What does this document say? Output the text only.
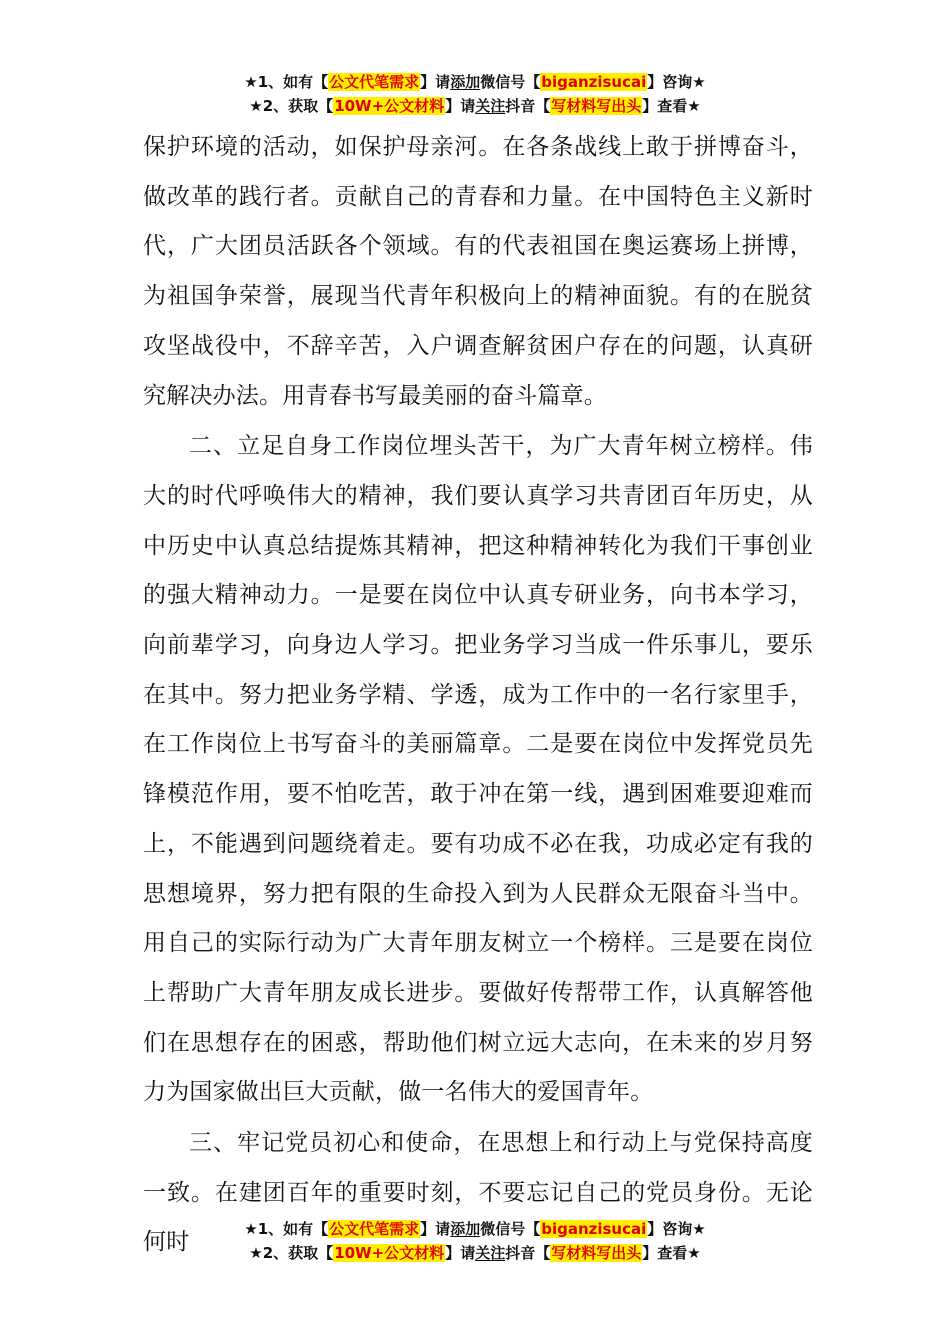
★1、如有【公文代笔需求】请添加微信号【biganzisucai】咨询★
★2、获取【10W+公文材料】请关注抖音【写材料写出头】查看★

保护环境的活动，如保护母亲河。在各条战线上敢于拼博奋斗，做改革的践行者。贡献自己的青春和力量。在中国特色主义新时代，广大团员活跃各个领域。有的代表祖国在奥运赛场上拼博，为祖国争荣誉，展现当代青年积极向上的精神面貌。有的在脱贫攻坚战役中，不辞辛苦，入户调查解贫困户存在的问题，认真研究解决办法。用青春书写最美丽的奋斗篇章。

二、立足自身工作岗位埋头苦干，为广大青年树立榜样。伟大的时代呼唤伟大的精神，我们要认真学习共青团百年历史，从中历史中认真总结提炼其精神，把这种精神转化为我们干事创业的强大精神动力。一是要在岗位中认真专研业务，向书本学习，向前辈学习，向身边人学习。把业务学习当成一件乐事儿，要乐在其中。努力把业务学精、学透，成为工作中的一名行家里手，在工作岗位上书写奋斗的美丽篇章。二是要在岗位中发挥党员先锋模范作用，要不怕吃苦，敢于冲在第一线，遇到困难要迎难而上，不能遇到问题绕着走。要有功成不必在我，功成必定有我的思想境界，努力把有限的生命投入到为人民群众无限奋斗当中。用自己的实际行动为广大青年朋友树立一个榜样。三是要在岗位上帮助广大青年朋友成长进步。要做好传帮带工作，认真解答他们在思想存在的困惑，帮助他们树立远大志向，在未来的岁月努力为国家做出巨大贡献，做一名伟大的爱国青年。

三、牢记党员初心和使命，在思想上和行动上与党保持高度一致。在建团百年的重要时刻，不要忘记自己的党员身份。无论何时

★1、如有【公文代笔需求】请添加微信号【biganzisucai】咨询★
★2、获取【10W+公文材料】请关注抖音【写材料写出头】查看★
